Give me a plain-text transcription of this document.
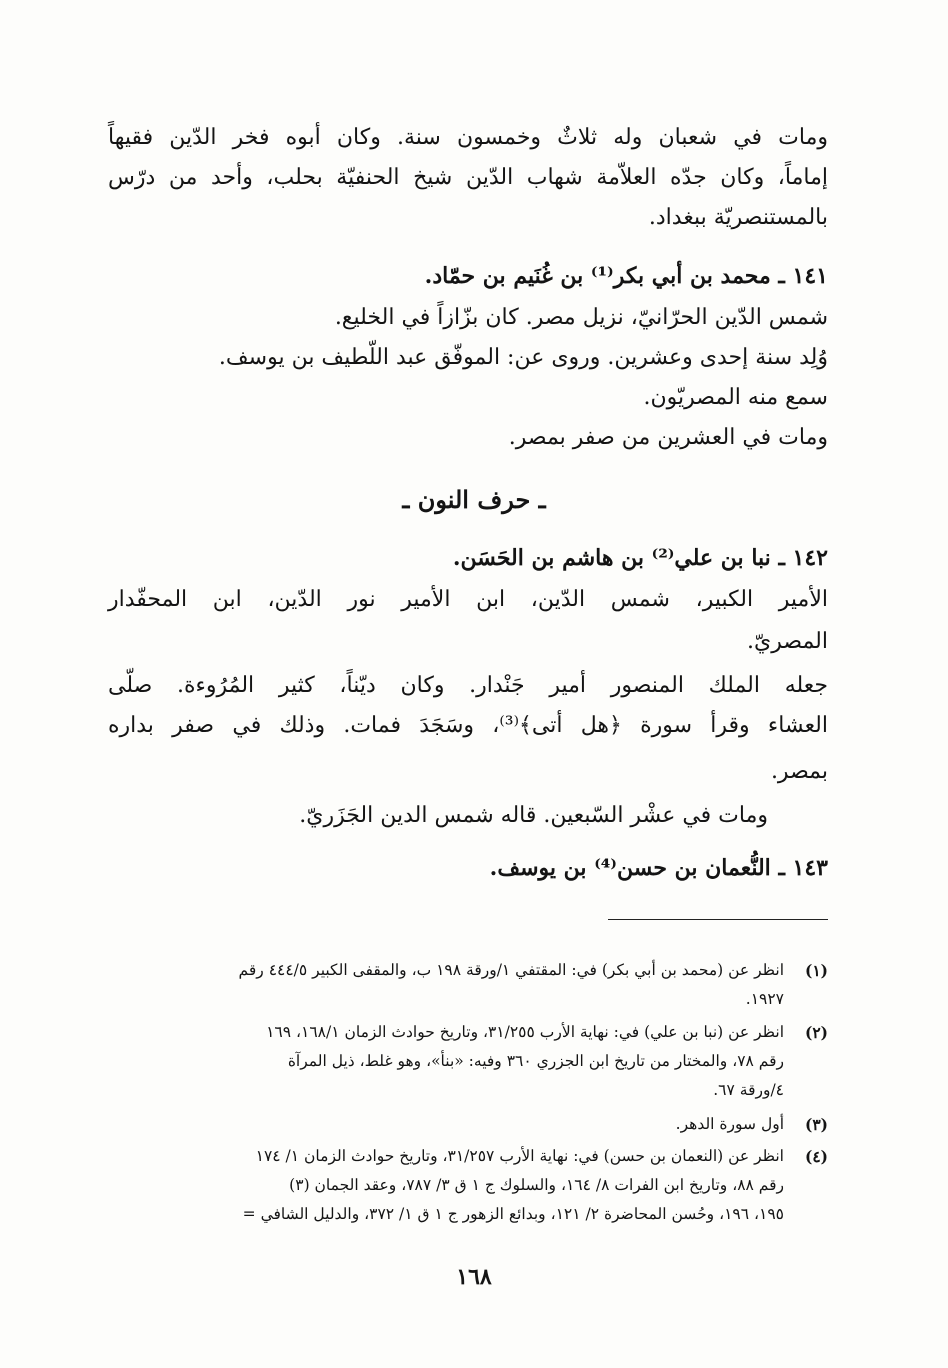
ومات في شعبان وله ثلاثٌ وخمسون سنة. وكان أبوه فخر الدّين فقيهاً
إماماً، وكان جدّه العلاّمة شهاب الدّين شيخ الحنفيّة بحلب، وأحد من درّس
بالمستنصريّة ببغداد.
١٤١ ـ محمد بن أبي بكر⁽¹⁾ بن غُنَيم بن حمّاد.
شمس الدّين الحرّانيّ، نزيل مصر. كان بزّازاً في الخليع.
وُلِد سنة إحدى وعشرين. وروى عن: الموفّق عبد اللّطيف بن يوسف.
سمع منه المصريّون.
ومات في العشرين من صفر بمصر.
ـ حرف النون ـ
١٤٢ ـ نبا بن علي⁽²⁾ بن هاشم بن الحَسَن.
الأمير الكبير، شمس الدّين، ابن الأمير نور الدّين، ابن المحفّدار
المصريّ.
جعله الملك المنصور أمير جَنْدار. وكان ديّناً، كثير المُرُوءة. صلّى
العشاء وقرأ سورة ﴿هل أتى﴾⁽³⁾، وسَجَدَ فمات. وذلك في صفر بداره
بمصر.
ومات في عشْر السّبعين. قاله شمس الدين الجَزَريّ.
١٤٣ ـ النُّعمان بن حسن⁽⁴⁾ بن يوسف.
(١)
انظر عن (محمد بن أبي بكر) في: المقتفي ١/ورقة ١٩٨ ب، والمقفى الكبير ٤٤٤/٥ رقم
١٩٢٧.
(٢)
انظر عن (نبا بن علي) في: نهاية الأرب ٣١/٢٥٥، وتاريخ حوادث الزمان ١٦٨/١، ١٦٩
رقم ٧٨، والمختار من تاريخ ابن الجزري ٣٦٠ وفيه: «بنأ»، وهو غلط، ذيل المرآة
٤/ورقة ٦٧.
(٣)
أول سورة الدهر.
(٤)
انظر عن (النعمان بن حسن) في: نهاية الأرب ٣١/٢٥٧، وتاريخ حوادث الزمان ١/ ١٧٤
رقم ٨٨، وتاريخ ابن الفرات ٨/ ١٦٤، والسلوك ج ١ ق ٣/ ٧٨٧، وعقد الجمان (٣)
١٩٥، ١٩٦، وحُسن المحاضرة ٢/ ١٢١، وبدائع الزهور ج ١ ق ١/ ٣٧٢، والدليل الشافي =
١٦٨
